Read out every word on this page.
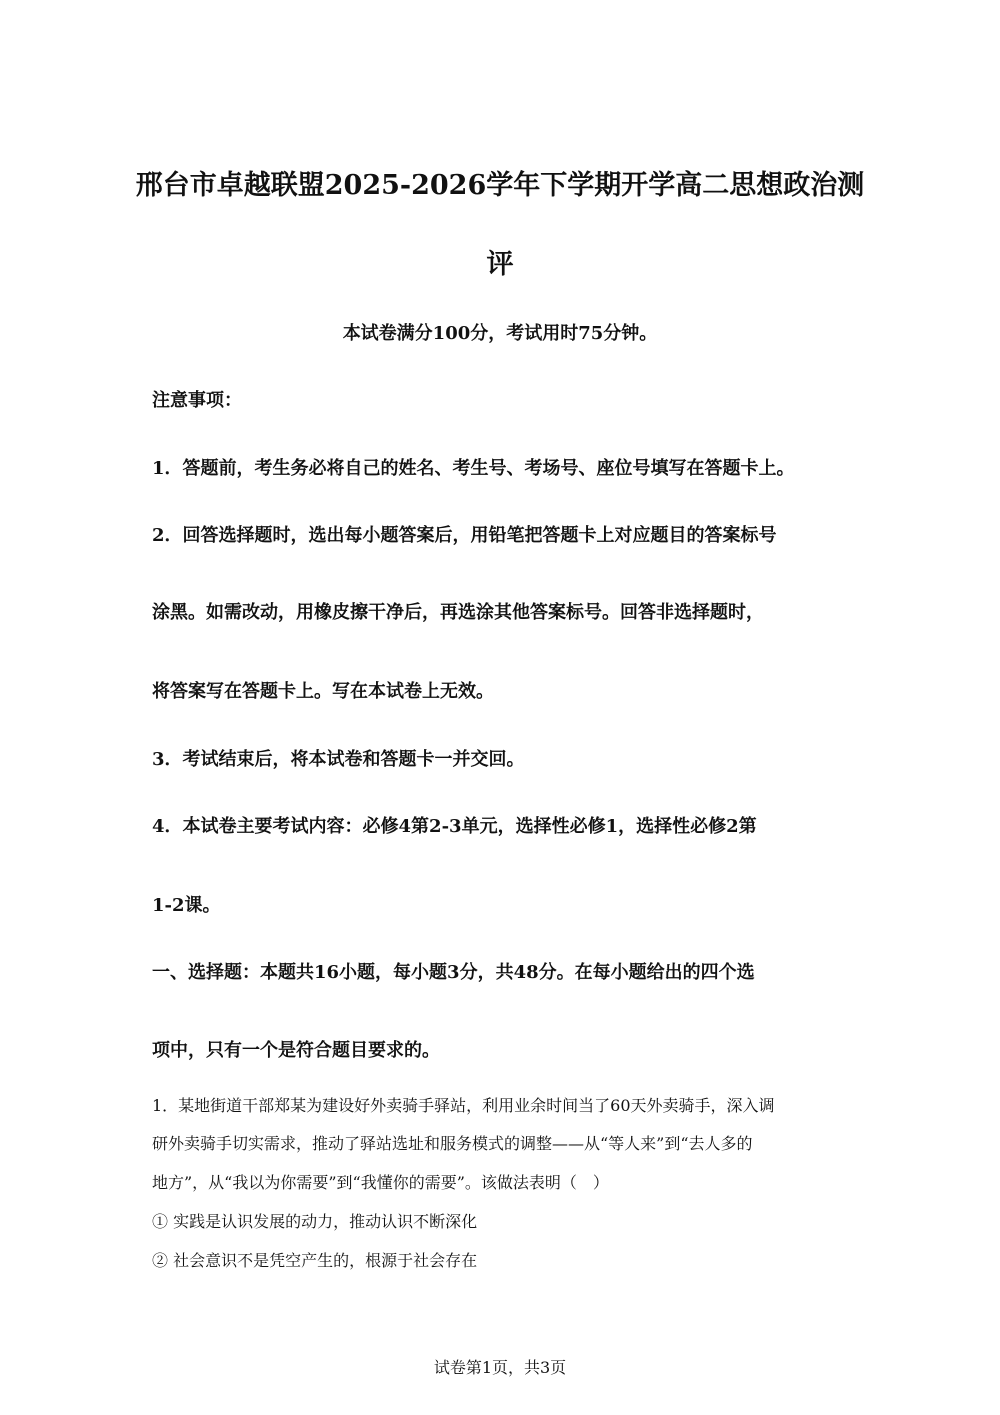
邢台市卓越联盟2025-2026学年下学期开学高二思想政治测
评
本试卷满分100分，考试用时75分钟。
注意事项：
1．答题前，考生务必将自己的姓名、考生号、考场号、座位号填写在答题卡上。
2．回答选择题时，选出每小题答案后，用铅笔把答题卡上对应题目的答案标号
涂黑。如需改动，用橡皮擦干净后，再选涂其他答案标号。回答非选择题时，
将答案写在答题卡上。写在本试卷上无效。
3．考试结束后，将本试卷和答题卡一并交回。
4．本试卷主要考试内容：必修4第2-3单元，选择性必修1，选择性必修2第
1-2课。
一、选择题：本题共16小题，每小题3分，共48分。在每小题给出的四个选
项中，只有一个是符合题目要求的。
1．某地街道干部郑某为建设好外卖骑手驿站，利用业余时间当了60天外卖骑手，深入调
研外卖骑手切实需求，推动了驿站选址和服务模式的调整——从“等人来”到“去人多的
地方”，从“我以为你需要”到“我懂你的需要”。该做法表明（　）
① 实践是认识发展的动力，推动认识不断深化
② 社会意识不是凭空产生的，根源于社会存在
试卷第1页，共3页
